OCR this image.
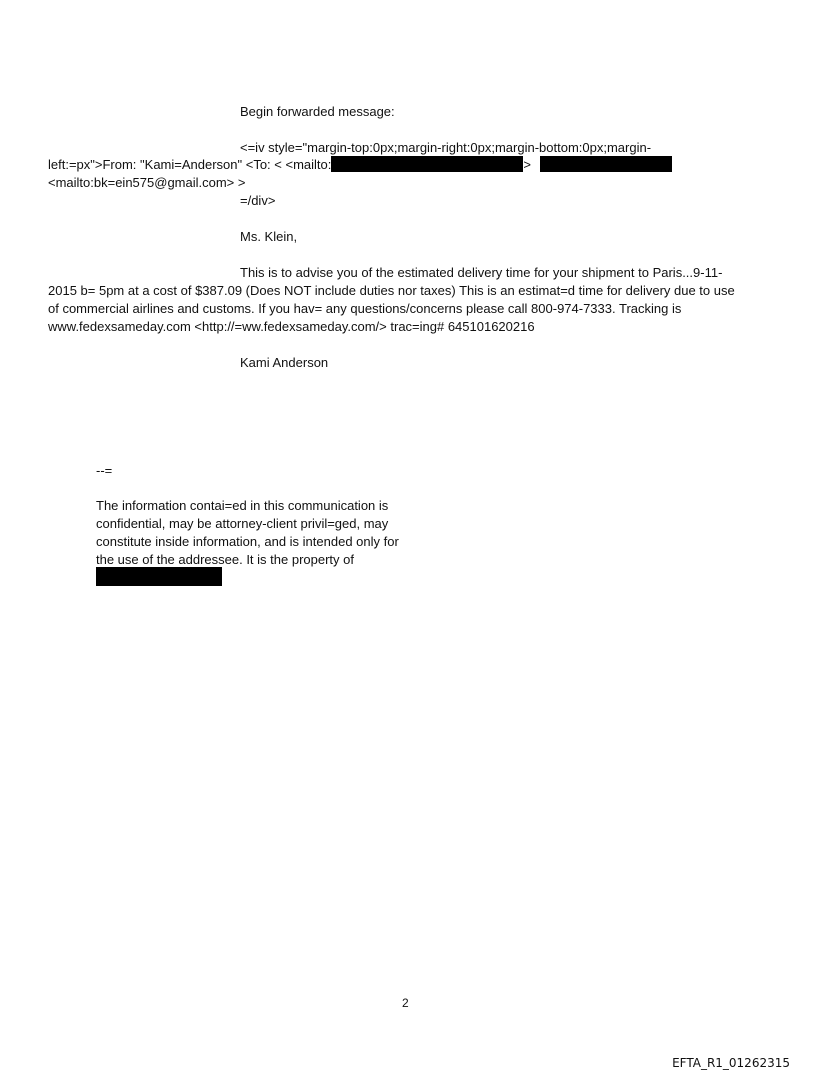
Begin forwarded message:
<=iv style="margin-top:0px;margin-right:0px;margin-bottom:0px;margin-
left:=px">From: "Kami=Anderson" <To: < <mailto:	>
<mailto:bk=ein575@gmail.com> >
=/div>
Ms. Klein,
This is to advise you of the estimated delivery time for your shipment to Paris...9-11-
2015 b= 5pm at a cost of $387.09 (Does NOT include duties nor taxes) This is an estimat=d time for delivery due to use
of commercial airlines and customs. If you hav= any questions/concerns please call 800-974-7333. Tracking is
www.fedexsameday.com <http://=ww.fedexsameday.com/> trac=ing# 645101620216
Kami Anderson
--=
The information contai=ed in this communication is
confidential, may be attorney-client privil=ged, may
constitute inside information, and is intended only for
the use of the addressee. It is the property of
2
EFTA_R1_01262315
